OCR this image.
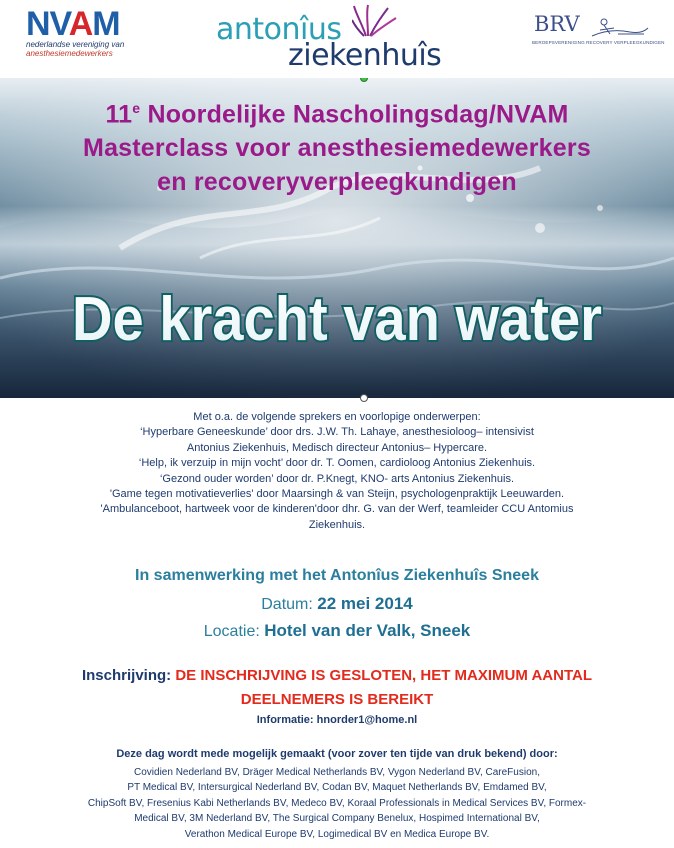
NVAM
nederlandse vereniging van
anesthesiemedewerkers
antonîus
ziekenhuîs
BRV
BEROEPSVERENIGING RECOVERY VERPLEEGKUNDIGEN
11e Noordelijke Nascholingsdag/NVAM
Masterclass voor anesthesiemedewerkers
en recoveryverpleegkundigen
De kracht van water
Met o.a. de volgende sprekers en voorlopige onderwerpen:
‘Hyperbare Geneeskunde’ door drs. J.W. Th. Lahaye, anesthesioloog– intensivist
Antonius Ziekenhuis, Medisch directeur Antonius– Hypercare.
‘Help, ik verzuip in mijn vocht’ door dr. T. Oomen, cardioloog Antonius Ziekenhuis.
‘Gezond ouder worden’ door dr. P.Knegt, KNO- arts Antonius Ziekenhuis.
'Game tegen motivatieverlies' door Maarsingh & van Steijn, psychologenpraktijk Leeuwarden.
'Ambulanceboot, hartweek voor de kinderen'door dhr. G. van der Werf, teamleider CCU Antomius
Ziekenhuis.
In samenwerking met het Antonîus Ziekenhuîs Sneek
Datum: 22 mei 2014
Locatie: Hotel van der Valk, Sneek
Inschrijving: DE INSCHRIJVING IS GESLOTEN, HET MAXIMUM AANTAL
DEELNEMERS IS BEREIKT
Informatie: hnorder1@home.nl
Deze dag wordt mede mogelijk gemaakt (voor zover ten tijde van druk bekend) door:
Covidien Nederland BV, Dräger Medical Netherlands BV, Vygon Nederland BV, CareFusion,
PT Medical BV, Intersurgical Nederland BV, Codan BV, Maquet Netherlands BV, Emdamed BV,
ChipSoft BV, Fresenius Kabi Netherlands BV, Medeco BV, Koraal Professionals in Medical Services BV, Formex-
Medical BV, 3M Nederland BV, The Surgical Company Benelux, Hospimed International BV,
Verathon Medical Europe BV, Logimedical BV en Medica Europe BV.
